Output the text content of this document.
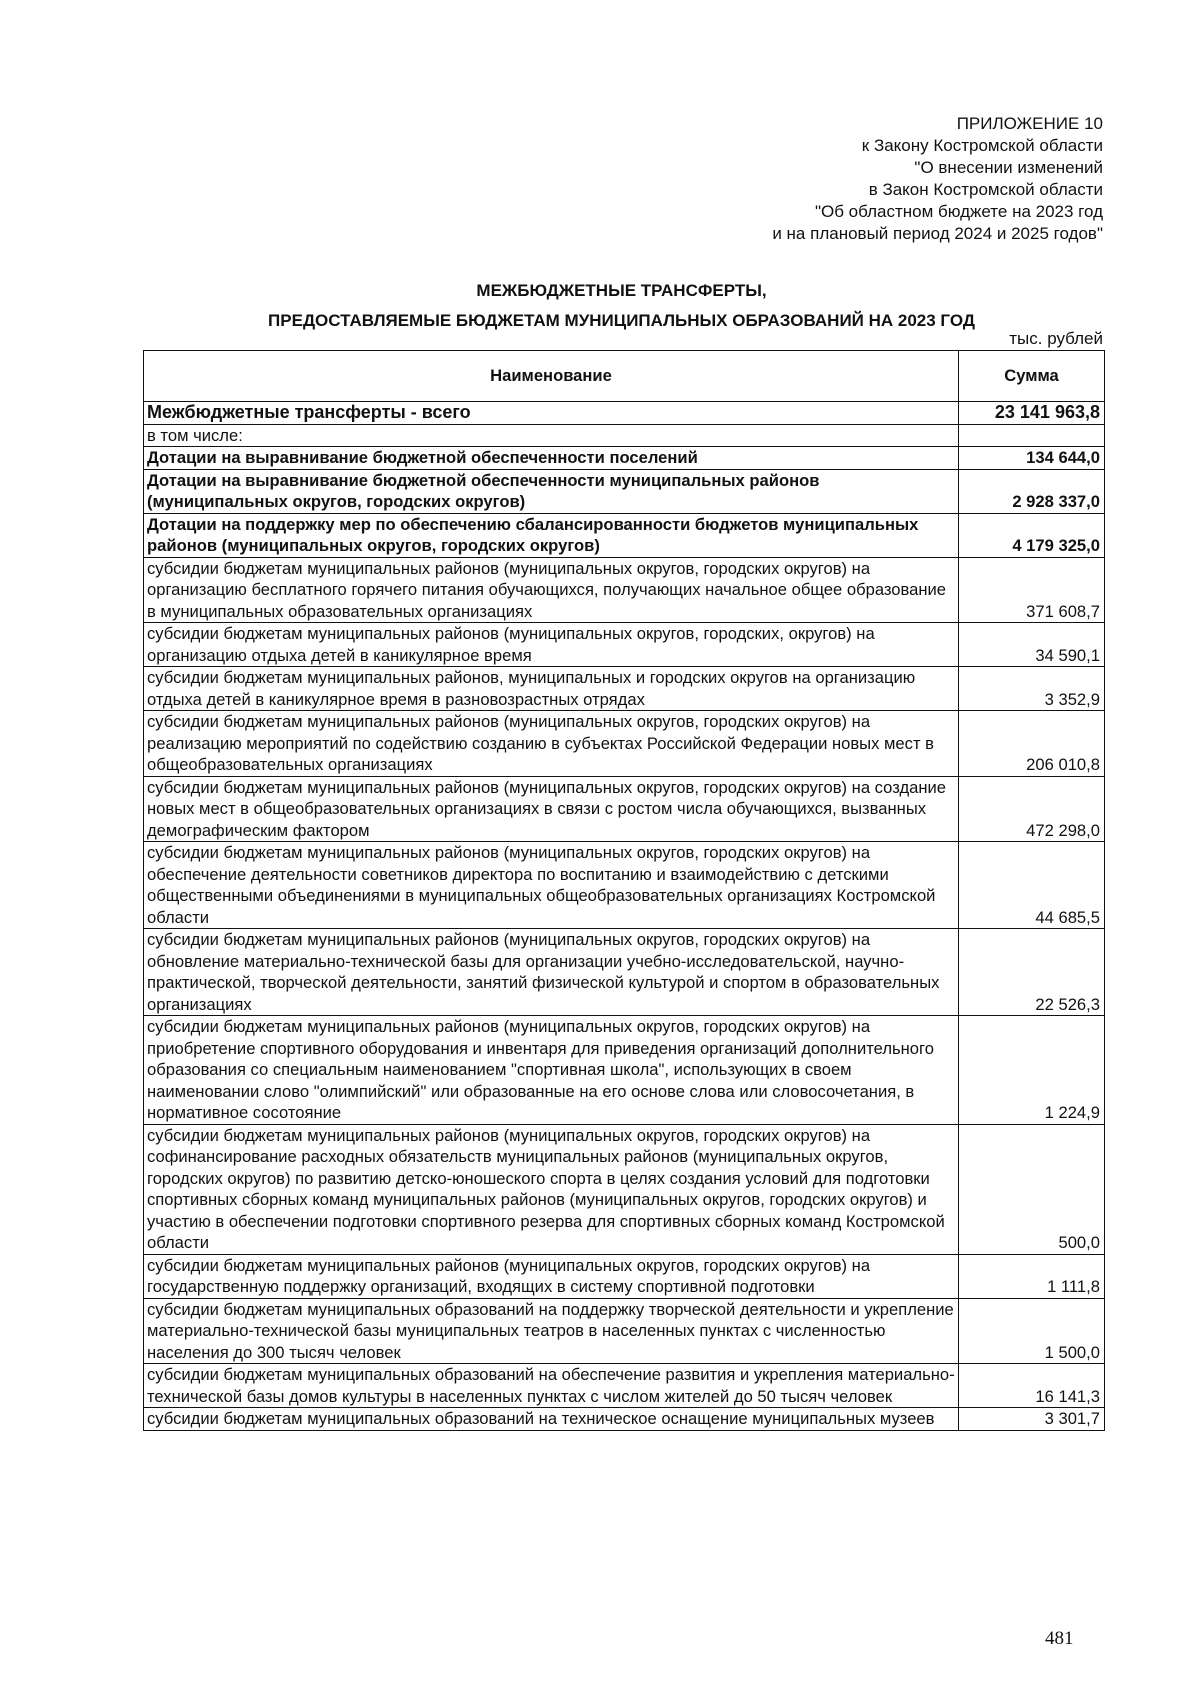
ПРИЛОЖЕНИЕ 10
к Закону Костромской области
"О внесении изменений
в Закон Костромской области
"Об областном бюджете на 2023 год
и на плановый период 2024 и 2025 годов"
МЕЖБЮДЖЕТНЫЕ ТРАНСФЕРТЫ,
ПРЕДОСТАВЛЯЕМЫЕ БЮДЖЕТАМ МУНИЦИПАЛЬНЫХ ОБРАЗОВАНИЙ НА 2023 ГОД
тыс. рублей
Наименование	Сумма
Межбюджетные трансферты - всего	23 141 963,8
в том числе:	
Дотации на выравнивание бюджетной обеспеченности поселений	134 644,0
Дотации на выравнивание бюджетной обеспеченности муниципальных районов (муниципальных округов, городских округов)	2 928 337,0
Дотации на поддержку мер по обеспечению сбалансированности бюджетов муниципальных районов (муниципальных округов, городских округов)	4 179 325,0
субсидии бюджетам муниципальных районов (муниципальных округов, городских округов) на организацию бесплатного горячего питания обучающихся, получающих начальное общее образование в муниципальных образовательных организациях	371 608,7
субсидии бюджетам муниципальных районов (муниципальных округов, городских, округов) на организацию отдыха детей в каникулярное время	34 590,1
субсидии бюджетам муниципальных районов, муниципальных и городских округов на организацию отдыха детей в каникулярное время в разновозрастных отрядах	3 352,9
субсидии бюджетам муниципальных районов (муниципальных округов, городских округов) на реализацию мероприятий по содействию созданию в субъектах Российской Федерации новых мест в общеобразовательных организациях	206 010,8
субсидии бюджетам муниципальных районов (муниципальных округов, городских округов) на создание новых мест в общеобразовательных организациях в связи с ростом числа обучающихся, вызванных демографическим фактором	472 298,0
субсидии бюджетам муниципальных районов (муниципальных округов, городских округов) на обеспечение деятельности советников директора по воспитанию и взаимодействию с детскими общественными объединениями в муниципальных общеобразовательных организациях Костромской области	44 685,5
субсидии бюджетам муниципальных районов (муниципальных округов, городских округов) на обновление материально-технической базы для организации учебно-исследовательской, научно-практической, творческой деятельности, занятий физической культурой и спортом в образовательных организациях	22 526,3
субсидии бюджетам муниципальных районов (муниципальных округов, городских округов) на приобретение спортивного оборудования и инвентаря для приведения организаций дополнительного образования со специальным наименованием "спортивная школа", использующих в своем наименовании слово "олимпийский" или образованные на его основе слова или словосочетания, в нормативное сосотояние	1 224,9
субсидии бюджетам муниципальных районов (муниципальных округов, городских округов) на софинансирование расходных обязательств муниципальных районов (муниципальных округов, городских округов) по развитию детско-юношеского спорта в целях создания условий для подготовки спортивных сборных команд муниципальных районов (муниципальных округов, городских округов) и участию в обеспечении подготовки спортивного резерва для спортивных сборных команд Костромской области	500,0
субсидии бюджетам муниципальных районов (муниципальных округов, городских округов) на государственную поддержку организаций, входящих в систему спортивной подготовки	1 111,8
субсидии бюджетам муниципальных образований на поддержку творческой деятельности и укрепление материально-технической базы муниципальных театров в населенных пунктах с численностью населения до 300 тысяч человек	1 500,0
субсидии бюджетам муниципальных образований на обеспечение развития и укрепления материально-технической базы домов культуры в населенных пунктах с числом жителей до 50 тысяч человек	16 141,3
субсидии бюджетам муниципальных образований на техническое оснащение муниципальных музеев	3 301,7
481
